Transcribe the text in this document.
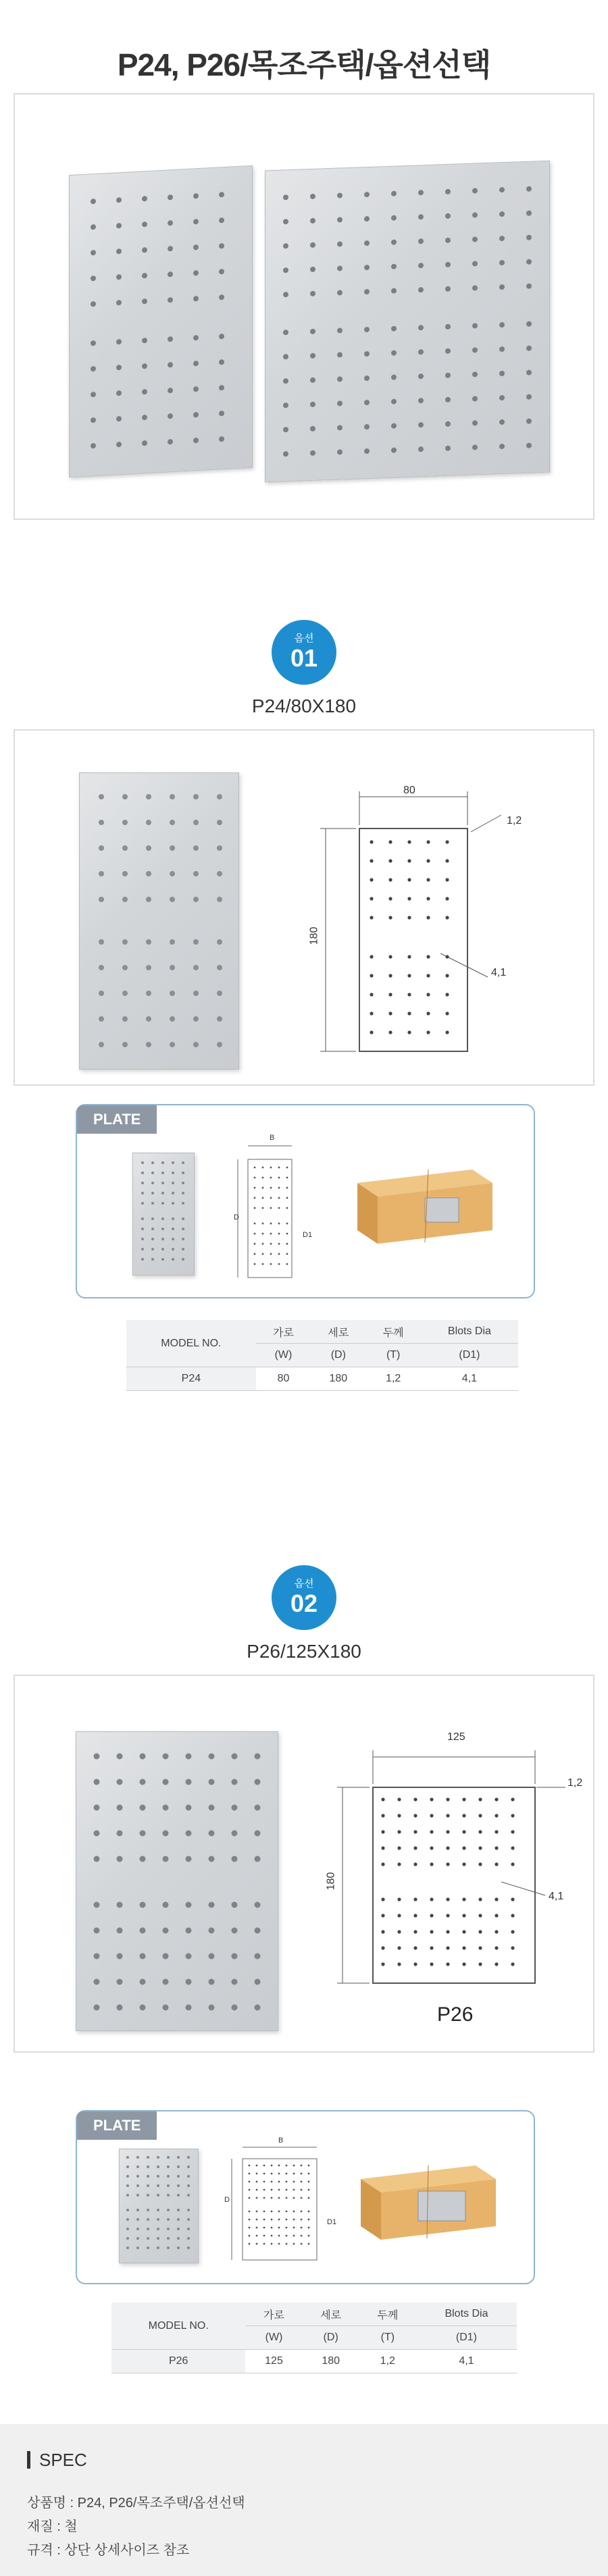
P24, P26/목조주택/옵션선택
옵션
01
P24/80X180
80
180
1,2
4,1
PLATE
B
D
D1
MODEL NO.	가로	세로	두께	Blots Dia
	(W)	(D)	(T)	(D1)
P24	80	180	1,2	4,1
옵션
02
P26/125X180
125
180
1,2
4,1
P26
PLATE
B
D
D1
MODEL NO.	가로	세로	두께	Blots Dia
	(W)	(D)	(T)	(D1)
P26	125	180	1,2	4,1
SPEC
상품명 : P24, P26/목조주택/옵션선택
재질 : 철
규격 : 상단 상세사이즈 참조
